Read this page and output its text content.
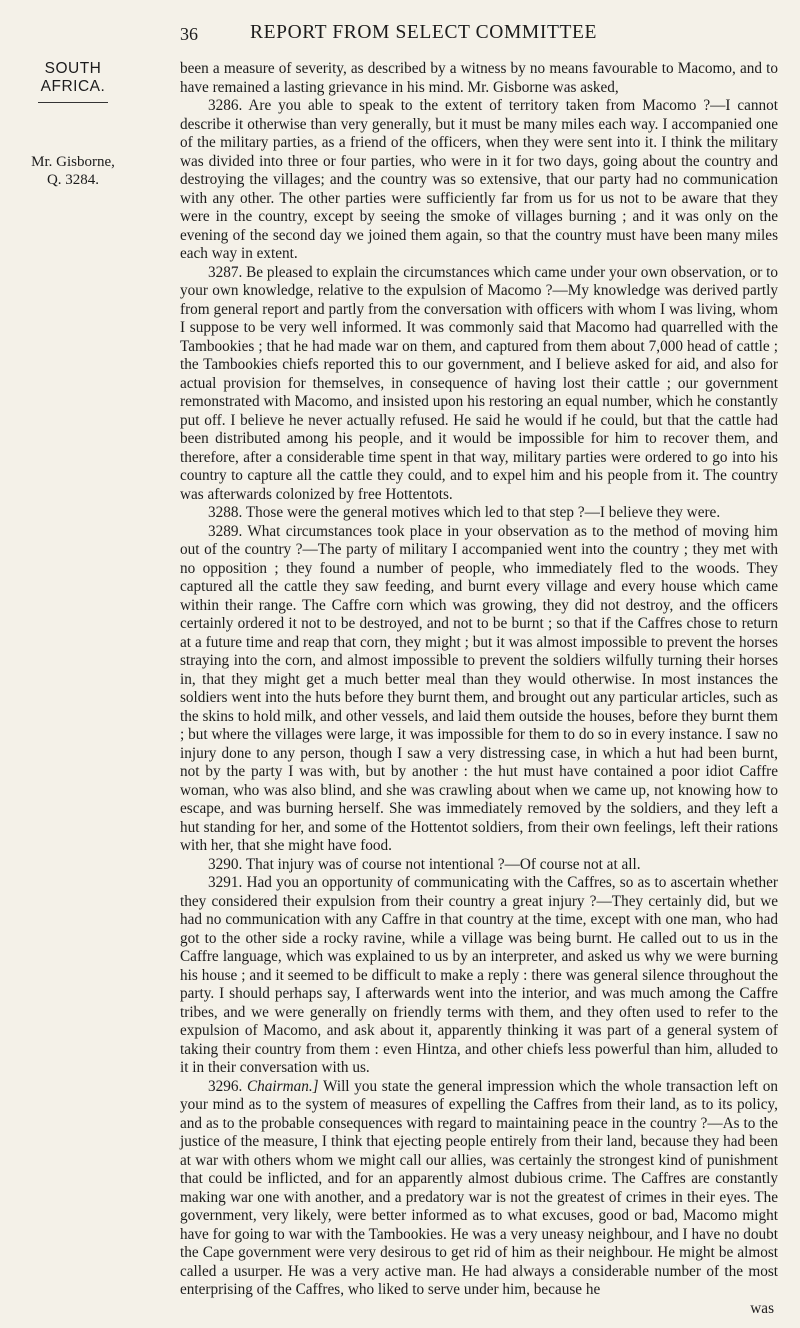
36	REPORT FROM SELECT COMMITTEE

SOUTH

AFRICA.

Mr. Gisborne,
Q. 3284.

been a measure of severity, as described by a witness by no means favourable to Macomo, and to have remained a lasting grievance in his mind. Mr. Gisborne was asked,

3286. Are you able to speak to the extent of territory taken from Macomo ?—I cannot describe it otherwise than very generally, but it must be many miles each way. I accompanied one of the military parties, as a friend of the officers, when they were sent into it. I think the military was divided into three or four parties, who were in it for two days, going about the country and destroying the villages; and the country was so extensive, that our party had no communication with any other. The other parties were sufficiently far from us for us not to be aware that they were in the country, except by seeing the smoke of villages burning ; and it was only on the evening of the second day we joined them again, so that the country must have been many miles each way in extent.

3287. Be pleased to explain the circumstances which came under your own observation, or to your own knowledge, relative to the expulsion of Macomo ?—My knowledge was derived partly from general report and partly from the conversation with officers with whom I was living, whom I suppose to be very well informed. It was commonly said that Macomo had quarrelled with the Tambookies ; that he had made war on them, and captured from them about 7,000 head of cattle ; the Tambookies chiefs reported this to our government, and I believe asked for aid, and also for actual provision for themselves, in consequence of having lost their cattle ; our government remonstrated with Macomo, and insisted upon his restoring an equal number, which he constantly put off. I believe he never actually refused. He said he would if he could, but that the cattle had been distributed among his people, and it would be impossible for him to recover them, and therefore, after a considerable time spent in that way, military parties were ordered to go into his country to capture all the cattle they could, and to expel him and his people from it. The country was afterwards colonized by free Hottentots.

3288. Those were the general motives which led to that step ?—I believe they were.

3289. What circumstances took place in your observation as to the method of moving him out of the country ?—The party of military I accompanied went into the country ; they met with no opposition ; they found a number of people, who immediately fled to the woods. They captured all the cattle they saw feeding, and burnt every village and every house which came within their range. The Caffre corn which was growing, they did not destroy, and the officers certainly ordered it not to be destroyed, and not to be burnt ; so that if the Caffres chose to return at a future time and reap that corn, they might ; but it was almost impossible to prevent the horses straying into the corn, and almost impossible to prevent the soldiers wilfully turning their horses in, that they might get a much better meal than they would otherwise. In most instances the soldiers went into the huts before they burnt them, and brought out any particular articles, such as the skins to hold milk, and other vessels, and laid them outside the houses, before they burnt them ; but where the villages were large, it was impossible for them to do so in every instance. I saw no injury done to any person, though I saw a very distressing case, in which a hut had been burnt, not by the party I was with, but by another : the hut must have contained a poor idiot Caffre woman, who was also blind, and she was crawling about when we came up, not knowing how to escape, and was burning herself. She was immediately removed by the soldiers, and they left a hut standing for her, and some of the Hottentot soldiers, from their own feelings, left their rations with her, that she might have food.

3290. That injury was of course not intentional ?—Of course not at all.

3291. Had you an opportunity of communicating with the Caffres, so as to ascertain whether they considered their expulsion from their country a great injury ?—They certainly did, but we had no communication with any Caffre in that country at the time, except with one man, who had got to the other side a rocky ravine, while a village was being burnt. He called out to us in the Caffre language, which was explained to us by an interpreter, and asked us why we were burning his house ; and it seemed to be difficult to make a reply : there was general silence throughout the party. I should perhaps say, I afterwards went into the interior, and was much among the Caffre tribes, and we were generally on friendly terms with them, and they often used to refer to the expulsion of Macomo, and ask about it, apparently thinking it was part of a general system of taking their country from them : even Hintza, and other chiefs less powerful than him, alluded to it in their conversation with us.

3296. Chairman.] Will you state the general impression which the whole transaction left on your mind as to the system of measures of expelling the Caffres from their land, as to its policy, and as to the probable consequences with regard to maintaining peace in the country ?—As to the justice of the measure, I think that ejecting people entirely from their land, because they had been at war with others whom we might call our allies, was certainly the strongest kind of punishment that could be inflicted, and for an apparently almost dubious crime. The Caffres are constantly making war one with another, and a predatory war is not the greatest of crimes in their eyes. The government, very likely, were better informed as to what excuses, good or bad, Macomo might have for going to war with the Tambookies. He was a very uneasy neighbour, and I have no doubt the Cape government were very desirous to get rid of him as their neighbour. He might be almost called a usurper. He was a very active man. He had always a considerable number of the most enterprising of the Caffres, who liked to serve under him, because he

was
